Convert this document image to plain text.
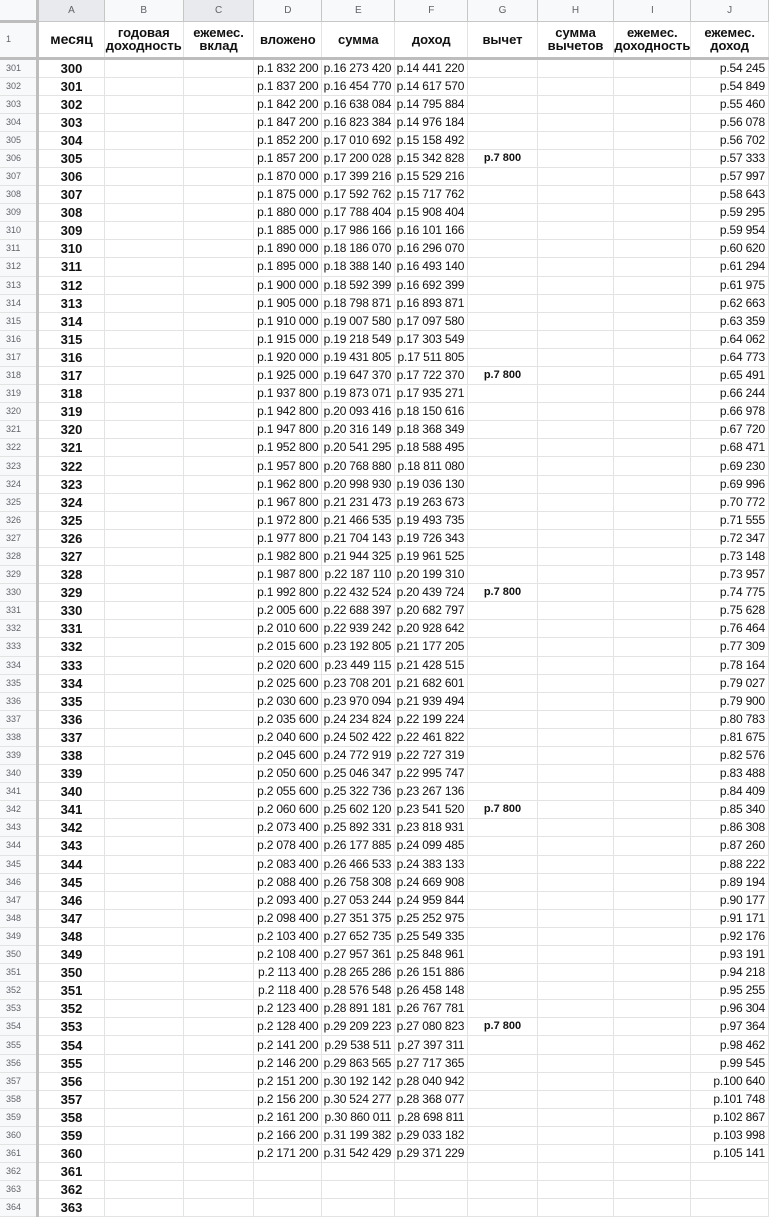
	A	B	C	D	E	F	G	H	I	J
1	месяц	годовая доходность	ежемес. вклад	вложено	сумма	доход	вычет	сумма вычетов	ежемес. доходность	ежемес. доход
301	300			р.1 832 200	р.16 273 420	р.14 441 220				р.54 245
302	301			р.1 837 200	р.16 454 770	р.14 617 570				р.54 849
303	302			р.1 842 200	р.16 638 084	р.14 795 884				р.55 460
304	303			р.1 847 200	р.16 823 384	р.14 976 184				р.56 078
305	304			р.1 852 200	р.17 010 692	р.15 158 492				р.56 702
306	305			р.1 857 200	р.17 200 028	р.15 342 828	р.7 800			р.57 333
307	306			р.1 870 000	р.17 399 216	р.15 529 216				р.57 997
308	307			р.1 875 000	р.17 592 762	р.15 717 762				р.58 643
309	308			р.1 880 000	р.17 788 404	р.15 908 404				р.59 295
310	309			р.1 885 000	р.17 986 166	р.16 101 166				р.59 954
311	310			р.1 890 000	р.18 186 070	р.16 296 070				р.60 620
312	311			р.1 895 000	р.18 388 140	р.16 493 140				р.61 294
313	312			р.1 900 000	р.18 592 399	р.16 692 399				р.61 975
314	313			р.1 905 000	р.18 798 871	р.16 893 871				р.62 663
315	314			р.1 910 000	р.19 007 580	р.17 097 580				р.63 359
316	315			р.1 915 000	р.19 218 549	р.17 303 549				р.64 062
317	316			р.1 920 000	р.19 431 805	р.17 511 805				р.64 773
318	317			р.1 925 000	р.19 647 370	р.17 722 370	р.7 800			р.65 491
319	318			р.1 937 800	р.19 873 071	р.17 935 271				р.66 244
320	319			р.1 942 800	р.20 093 416	р.18 150 616				р.66 978
321	320			р.1 947 800	р.20 316 149	р.18 368 349				р.67 720
322	321			р.1 952 800	р.20 541 295	р.18 588 495				р.68 471
323	322			р.1 957 800	р.20 768 880	р.18 811 080				р.69 230
324	323			р.1 962 800	р.20 998 930	р.19 036 130				р.69 996
325	324			р.1 967 800	р.21 231 473	р.19 263 673				р.70 772
326	325			р.1 972 800	р.21 466 535	р.19 493 735				р.71 555
327	326			р.1 977 800	р.21 704 143	р.19 726 343				р.72 347
328	327			р.1 982 800	р.21 944 325	р.19 961 525				р.73 148
329	328			р.1 987 800	р.22 187 110	р.20 199 310				р.73 957
330	329			р.1 992 800	р.22 432 524	р.20 439 724	р.7 800			р.74 775
331	330			р.2 005 600	р.22 688 397	р.20 682 797				р.75 628
332	331			р.2 010 600	р.22 939 242	р.20 928 642				р.76 464
333	332			р.2 015 600	р.23 192 805	р.21 177 205				р.77 309
334	333			р.2 020 600	р.23 449 115	р.21 428 515				р.78 164
335	334			р.2 025 600	р.23 708 201	р.21 682 601				р.79 027
336	335			р.2 030 600	р.23 970 094	р.21 939 494				р.79 900
337	336			р.2 035 600	р.24 234 824	р.22 199 224				р.80 783
338	337			р.2 040 600	р.24 502 422	р.22 461 822				р.81 675
339	338			р.2 045 600	р.24 772 919	р.22 727 319				р.82 576
340	339			р.2 050 600	р.25 046 347	р.22 995 747				р.83 488
341	340			р.2 055 600	р.25 322 736	р.23 267 136				р.84 409
342	341			р.2 060 600	р.25 602 120	р.23 541 520	р.7 800			р.85 340
343	342			р.2 073 400	р.25 892 331	р.23 818 931				р.86 308
344	343			р.2 078 400	р.26 177 885	р.24 099 485				р.87 260
345	344			р.2 083 400	р.26 466 533	р.24 383 133				р.88 222
346	345			р.2 088 400	р.26 758 308	р.24 669 908				р.89 194
347	346			р.2 093 400	р.27 053 244	р.24 959 844				р.90 177
348	347			р.2 098 400	р.27 351 375	р.25 252 975				р.91 171
349	348			р.2 103 400	р.27 652 735	р.25 549 335				р.92 176
350	349			р.2 108 400	р.27 957 361	р.25 848 961				р.93 191
351	350			р.2 113 400	р.28 265 286	р.26 151 886				р.94 218
352	351			р.2 118 400	р.28 576 548	р.26 458 148				р.95 255
353	352			р.2 123 400	р.28 891 181	р.26 767 781				р.96 304
354	353			р.2 128 400	р.29 209 223	р.27 080 823	р.7 800			р.97 364
355	354			р.2 141 200	р.29 538 511	р.27 397 311				р.98 462
356	355			р.2 146 200	р.29 863 565	р.27 717 365				р.99 545
357	356			р.2 151 200	р.30 192 142	р.28 040 942				р.100 640
358	357			р.2 156 200	р.30 524 277	р.28 368 077				р.101 748
359	358			р.2 161 200	р.30 860 011	р.28 698 811				р.102 867
360	359			р.2 166 200	р.31 199 382	р.29 033 182				р.103 998
361	360			р.2 171 200	р.31 542 429	р.29 371 229				р.105 141
362	361									
363	362									
364	363									
